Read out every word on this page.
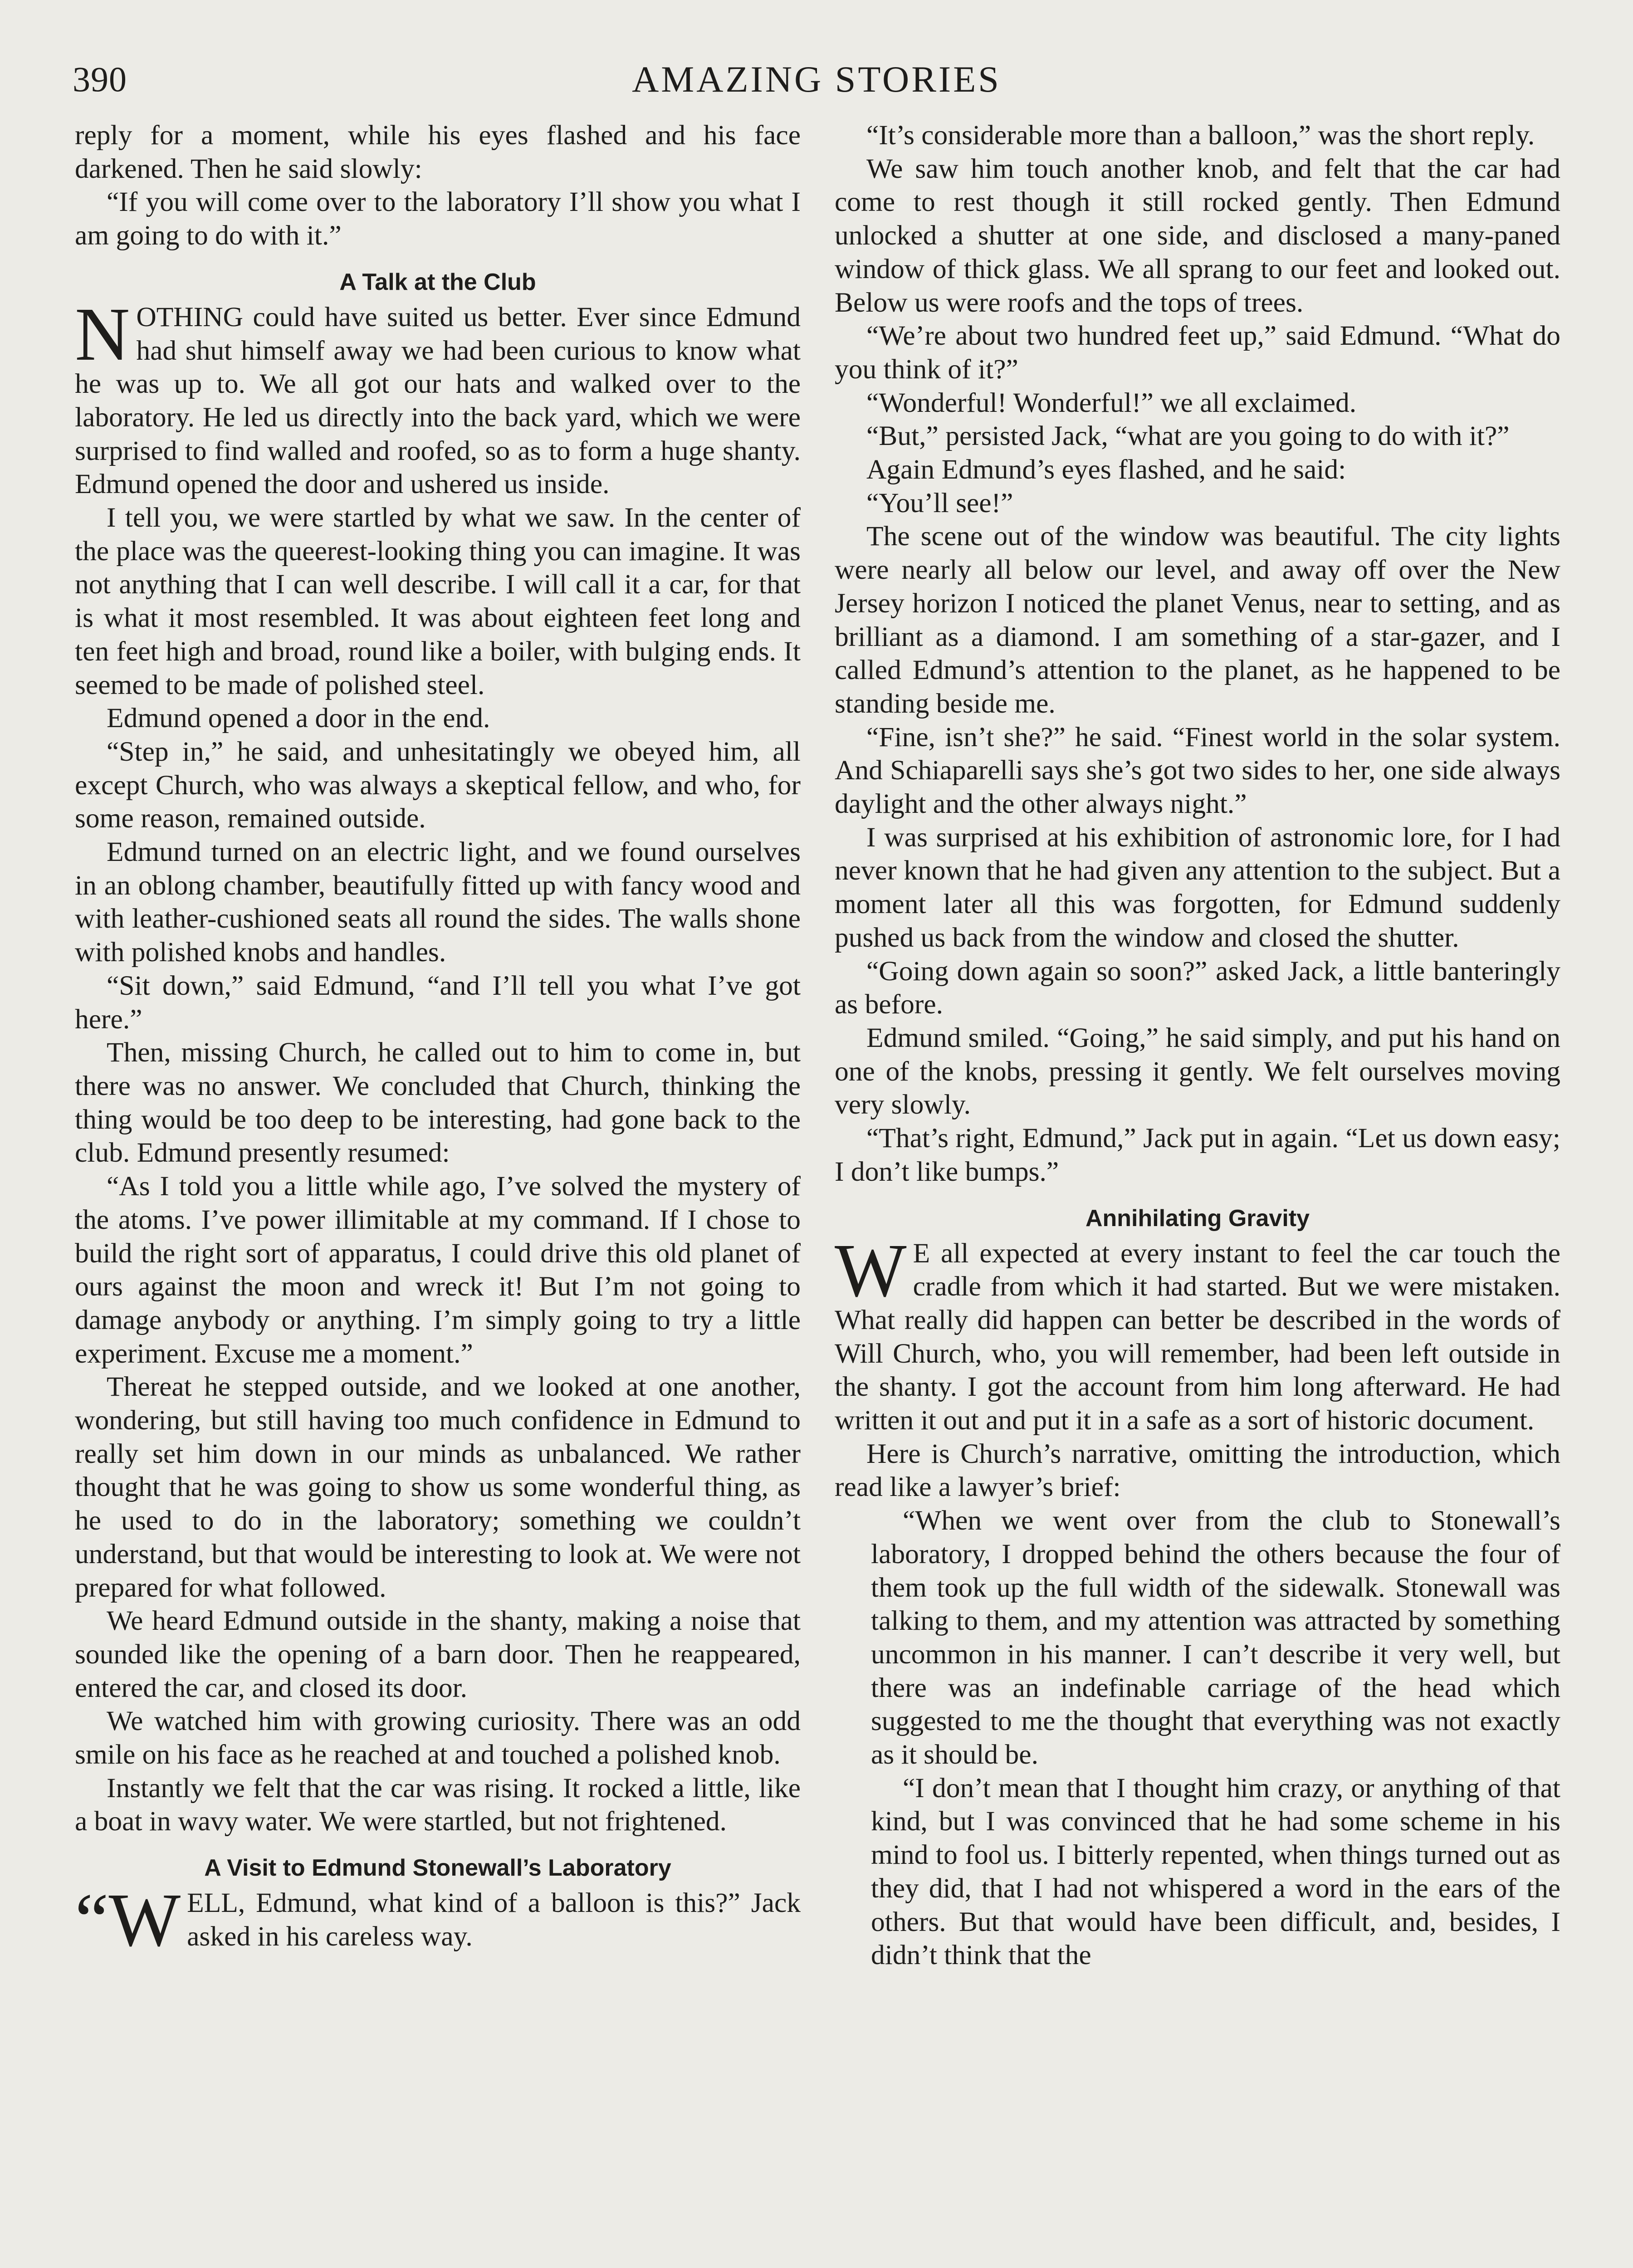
390	AMAZING STORIES

reply for a moment, while his eyes flashed and his face darkened. Then he said slowly:

“If you will come over to the laboratory I’ll show you what I am going to do with it.”

A Talk at the Club

NOTHING could have suited us better. Ever since Edmund had shut himself away we had been curious to know what he was up to. We all got our hats and walked over to the laboratory. He led us directly into the back yard, which we were surprised to find walled and roofed, so as to form a huge shanty. Edmund opened the door and ushered us inside.

I tell you, we were startled by what we saw. In the center of the place was the queerest-looking thing you can imagine. It was not anything that I can well describe. I will call it a car, for that is what it most resembled. It was about eighteen feet long and ten feet high and broad, round like a boiler, with bulging ends. It seemed to be made of polished steel.

Edmund opened a door in the end.

“Step in,” he said, and unhesitatingly we obeyed him, all except Church, who was always a skeptical fellow, and who, for some reason, remained outside.

Edmund turned on an electric light, and we found ourselves in an oblong chamber, beautifully fitted up with fancy wood and with leather-cushioned seats all round the sides. The walls shone with polished knobs and handles.

“Sit down,” said Edmund, “and I’ll tell you what I’ve got here.”

Then, missing Church, he called out to him to come in, but there was no answer. We concluded that Church, thinking the thing would be too deep to be interesting, had gone back to the club. Edmund presently resumed:

“As I told you a little while ago, I’ve solved the mystery of the atoms. I’ve power illimitable at my command. If I chose to build the right sort of apparatus, I could drive this old planet of ours against the moon and wreck it! But I’m not going to damage anybody or anything. I’m simply going to try a little experiment. Excuse me a moment.”

Thereat he stepped outside, and we looked at one another, wondering, but still having too much confidence in Edmund to really set him down in our minds as unbalanced. We rather thought that he was going to show us some wonderful thing, as he used to do in the laboratory; something we couldn’t understand, but that would be interesting to look at. We were not prepared for what followed.

We heard Edmund outside in the shanty, making a noise that sounded like the opening of a barn door. Then he reappeared, entered the car, and closed its door.

We watched him with growing curiosity. There was an odd smile on his face as he reached at and touched a polished knob.

Instantly we felt that the car was rising. It rocked a little, like a boat in wavy water. We were startled, but not frightened.

A Visit to Edmund Stonewall’s Laboratory

“WELL, Edmund, what kind of a balloon is this?” Jack asked in his careless way.

“It’s considerable more than a balloon,” was the short reply.

We saw him touch another knob, and felt that the car had come to rest though it still rocked gently. Then Edmund unlocked a shutter at one side, and disclosed a many-paned window of thick glass. We all sprang to our feet and looked out. Below us were roofs and the tops of trees.

“We’re about two hundred feet up,” said Edmund. “What do you think of it?”

“Wonderful! Wonderful!” we all exclaimed.

“But,” persisted Jack, “what are you going to do with it?”

Again Edmund’s eyes flashed, and he said:

“You’ll see!”

The scene out of the window was beautiful. The city lights were nearly all below our level, and away off over the New Jersey horizon I noticed the planet Venus, near to setting, and as brilliant as a diamond. I am something of a star-gazer, and I called Edmund’s attention to the planet, as he happened to be standing beside me.

“Fine, isn’t she?” he said. “Finest world in the solar system. And Schiaparelli says she’s got two sides to her, one side always daylight and the other always night.”

I was surprised at his exhibition of astronomic lore, for I had never known that he had given any attention to the subject. But a moment later all this was forgotten, for Edmund suddenly pushed us back from the window and closed the shutter.

“Going down again so soon?” asked Jack, a little banteringly as before.

Edmund smiled. “Going,” he said simply, and put his hand on one of the knobs, pressing it gently. We felt ourselves moving very slowly.

“That’s right, Edmund,” Jack put in again. “Let us down easy; I don’t like bumps.”

Annihilating Gravity

W E all expected at every instant to feel the car touch the cradle from which it had started. But we were mistaken. What really did happen can better be described in the words of Will Church, who, you will remember, had been left outside in the shanty. I got the account from him long afterward. He had written it out and put it in a safe as a sort of historic document.

Here is Church’s narrative, omitting the introduction, which read like a lawyer’s brief:

“When we went over from the club to Stonewall’s laboratory, I dropped behind the others because the four of them took up the full width of the sidewalk. Stonewall was talking to them, and my attention was attracted by something uncommon in his manner. I can’t describe it very well, but there was an indefinable carriage of the head which suggested to me the thought that everything was not exactly as it should be.

“I don’t mean that I thought him crazy, or anything of that kind, but I was convinced that he had some scheme in his mind to fool us. I bitterly repented, when things turned out as they did, that I had not whispered a word in the ears of the others. But that would have been difficult, and, besides, I didn’t think that the
